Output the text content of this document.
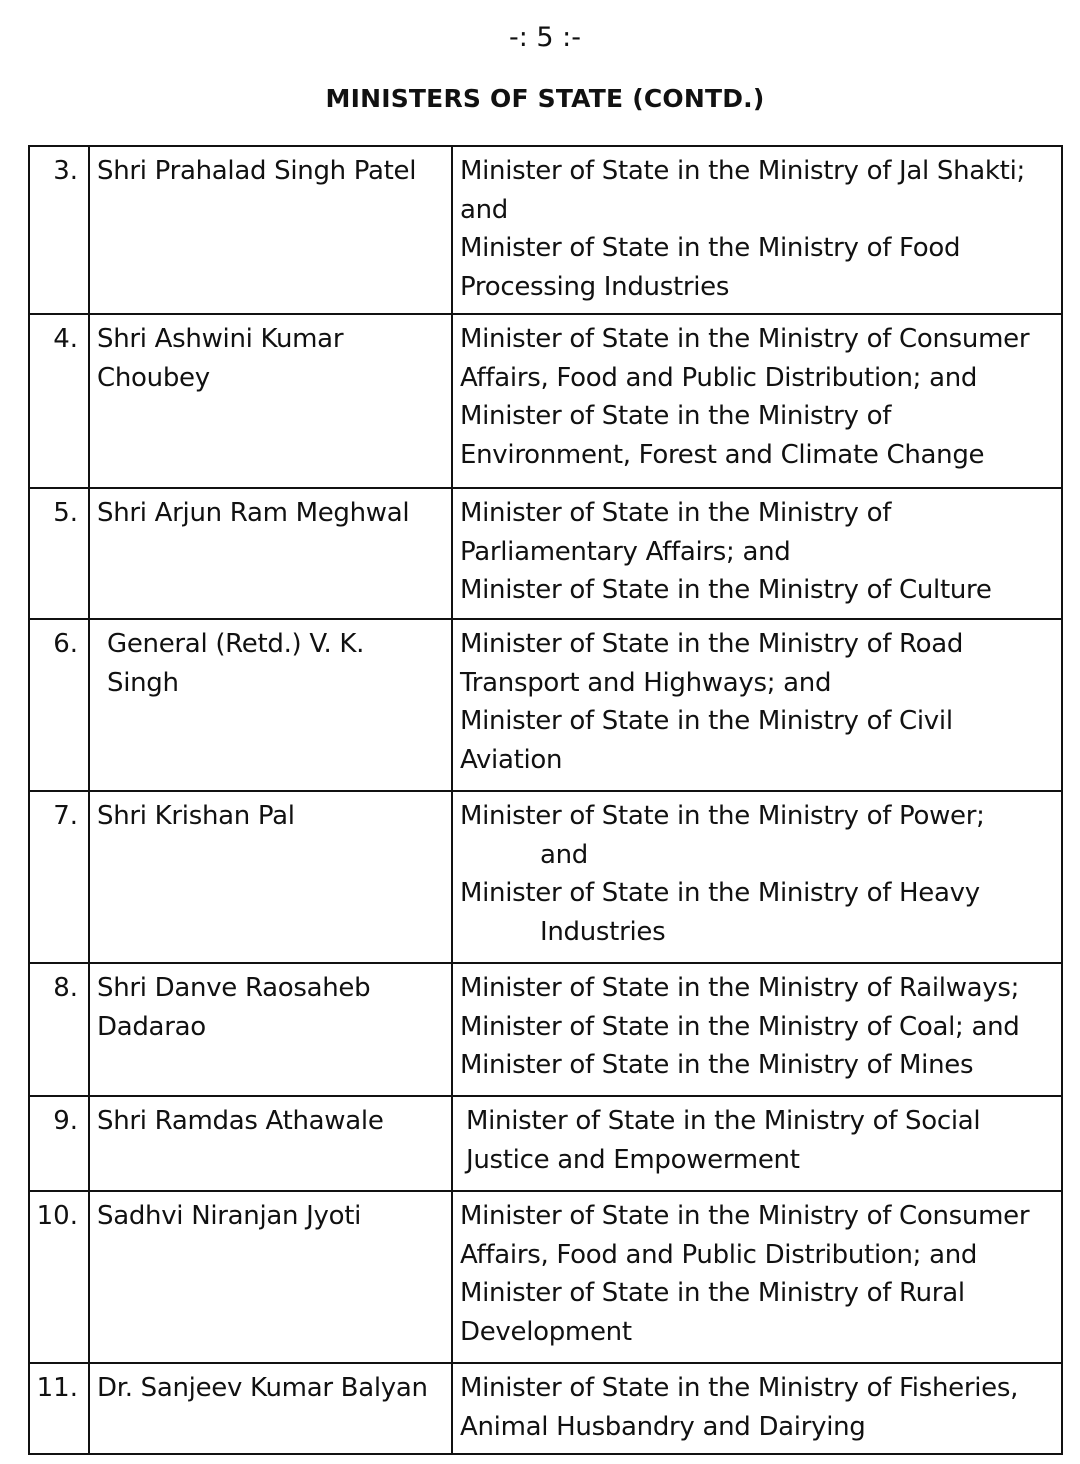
-: 5 :-
MINISTERS OF STATE (CONTD.)
3.	Shri Prahalad Singh Patel	Minister of State in the Ministry of Jal Shakti;
and
Minister of State in the Ministry of Food
Processing Industries

4.	Shri Ashwini Kumar
Choubey	Minister of State in the Ministry of Consumer
Affairs, Food and Public Distribution; and
Minister of State in the Ministry of
Environment, Forest and Climate Change

5.	Shri Arjun Ram Meghwal	Minister of State in the Ministry of
Parliamentary Affairs; and
Minister of State in the Ministry of Culture

6.	General (Retd.) V. K.
Singh	Minister of State in the Ministry of Road
Transport and Highways; and
Minister of State in the Ministry of Civil
Aviation

7.	Shri Krishan Pal	Minister of State in the Ministry of Power;
and
Minister of State in the Ministry of Heavy
Industries

8.	Shri Danve Raosaheb
Dadarao	Minister of State in the Ministry of Railways;
Minister of State in the Ministry of Coal; and
Minister of State in the Ministry of Mines

9.	Shri Ramdas Athawale	Minister of State in the Ministry of Social
Justice and Empowerment

10.	Sadhvi Niranjan Jyoti	Minister of State in the Ministry of Consumer
Affairs, Food and Public Distribution; and
Minister of State in the Ministry of Rural
Development

11.	Dr. Sanjeev Kumar Balyan	Minister of State in the Ministry of Fisheries,
Animal Husbandry and Dairying
